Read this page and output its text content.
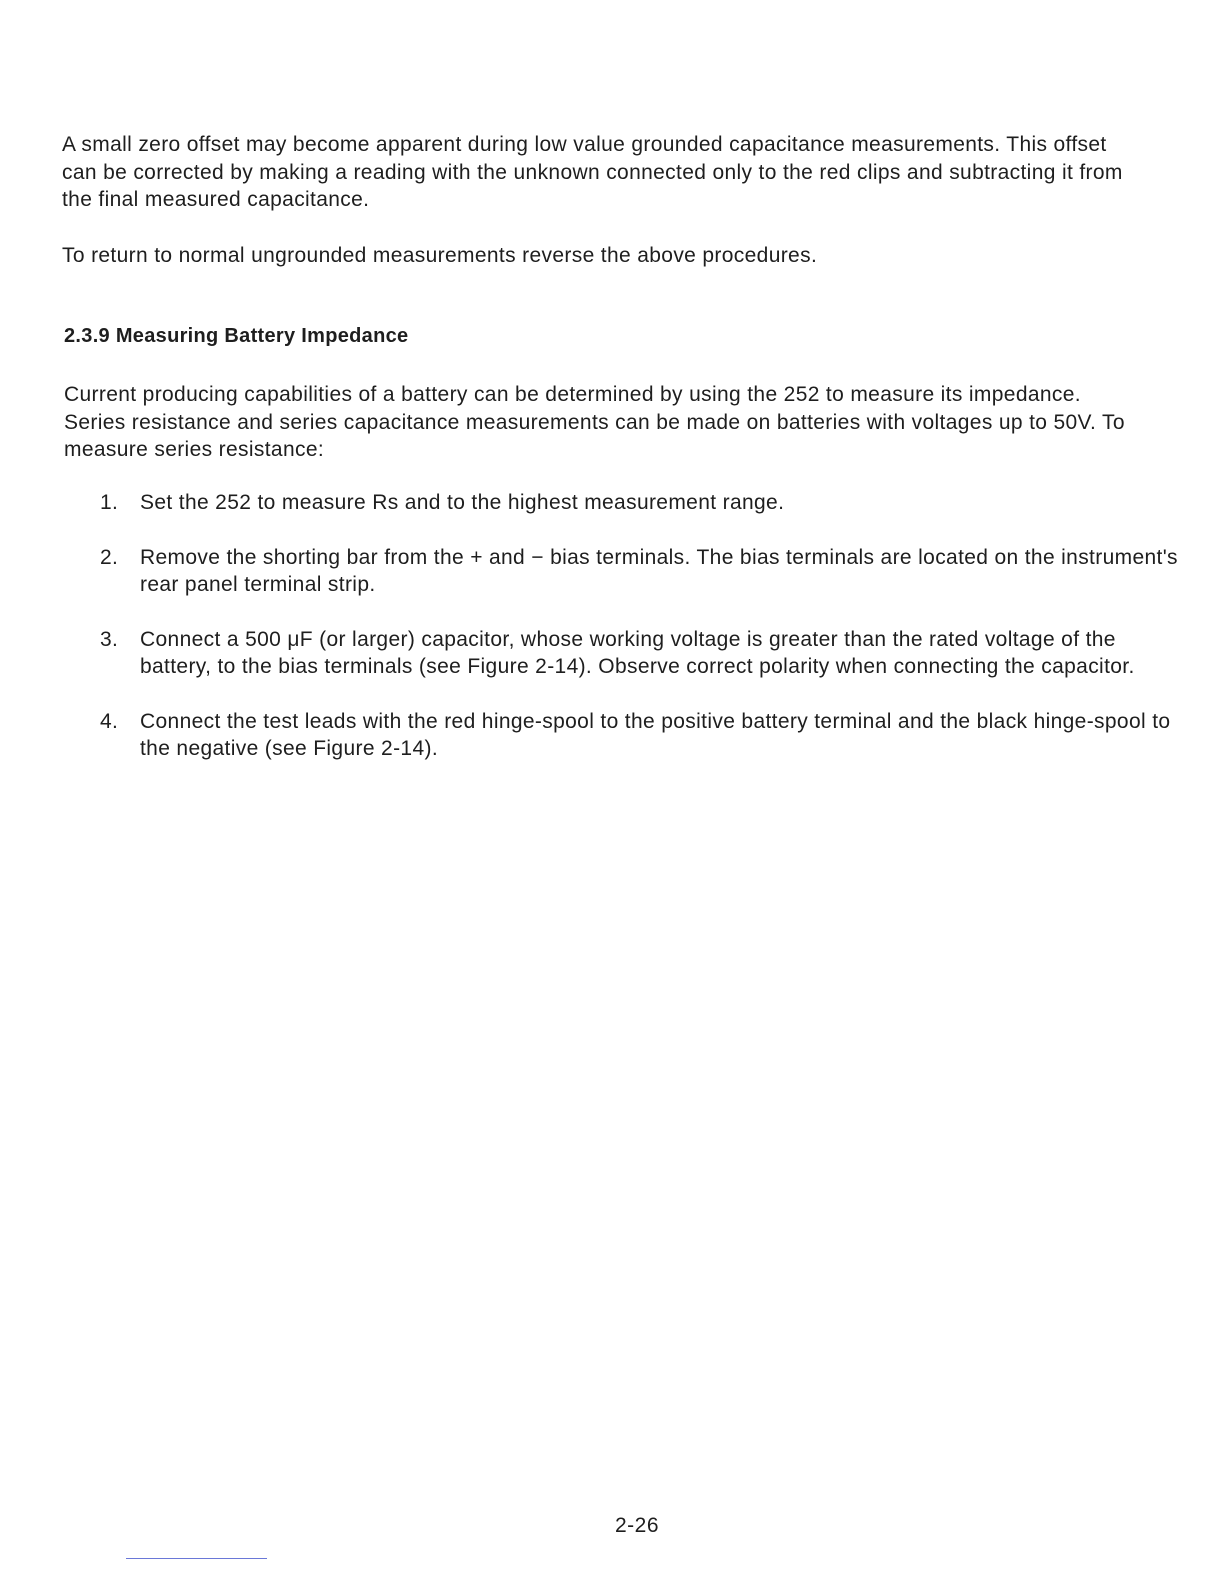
A small zero offset may become apparent during low value grounded capacitance measurements. This offset can be corrected by making a reading with the unknown connected only to the red clips and subtracting it from the final measured capacitance.

To return to normal ungrounded measurements reverse the above procedures.

2.3.9 Measuring Battery Impedance

Current producing capabilities of a battery can be determined by using the 252 to measure its impedance. Series resistance and series capacitance measurements can be made on batteries with voltages up to 50V. To measure series resistance:

1. Set the 252 to measure Rs and to the highest measurement range.
2. Remove the shorting bar from the + and − bias terminals. The bias terminals are located on the instrument's rear panel terminal strip.
3. Connect a 500 μF (or larger) capacitor, whose working voltage is greater than the rated voltage of the battery, to the bias terminals (see Figure 2-14). Observe correct polarity when connecting the capacitor.
4. Connect the test leads with the red hinge-spool to the positive battery terminal and the black hinge-spool to the negative (see Figure 2-14).

2-26
